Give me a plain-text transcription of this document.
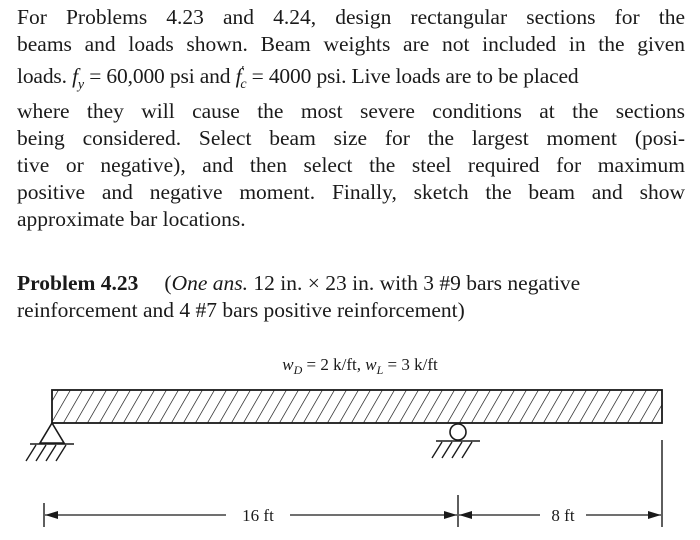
For Problems 4.23 and 4.24, design rectangular sections for the
beams and loads shown. Beam weights are not included in the given
loads. $f_y = 60,000$ psi and $f'_c = 4000$ psi. Live loads are to be placed
where they will cause the most severe conditions at the sections
being considered. Select beam size for the largest moment (posi-
tive or negative), and then select the steel required for maximum
positive and negative moment. Finally, sketch the beam and show
approximate bar locations.
Problem 4.23 (One ans. 12 in. × 23 in. with 3 #9 bars negative
reinforcement and 4 #7 bars positive reinforcement)
$w_D = 2$ k/ft, $w_L = 3$ k/ft
16 ft	8 ft
